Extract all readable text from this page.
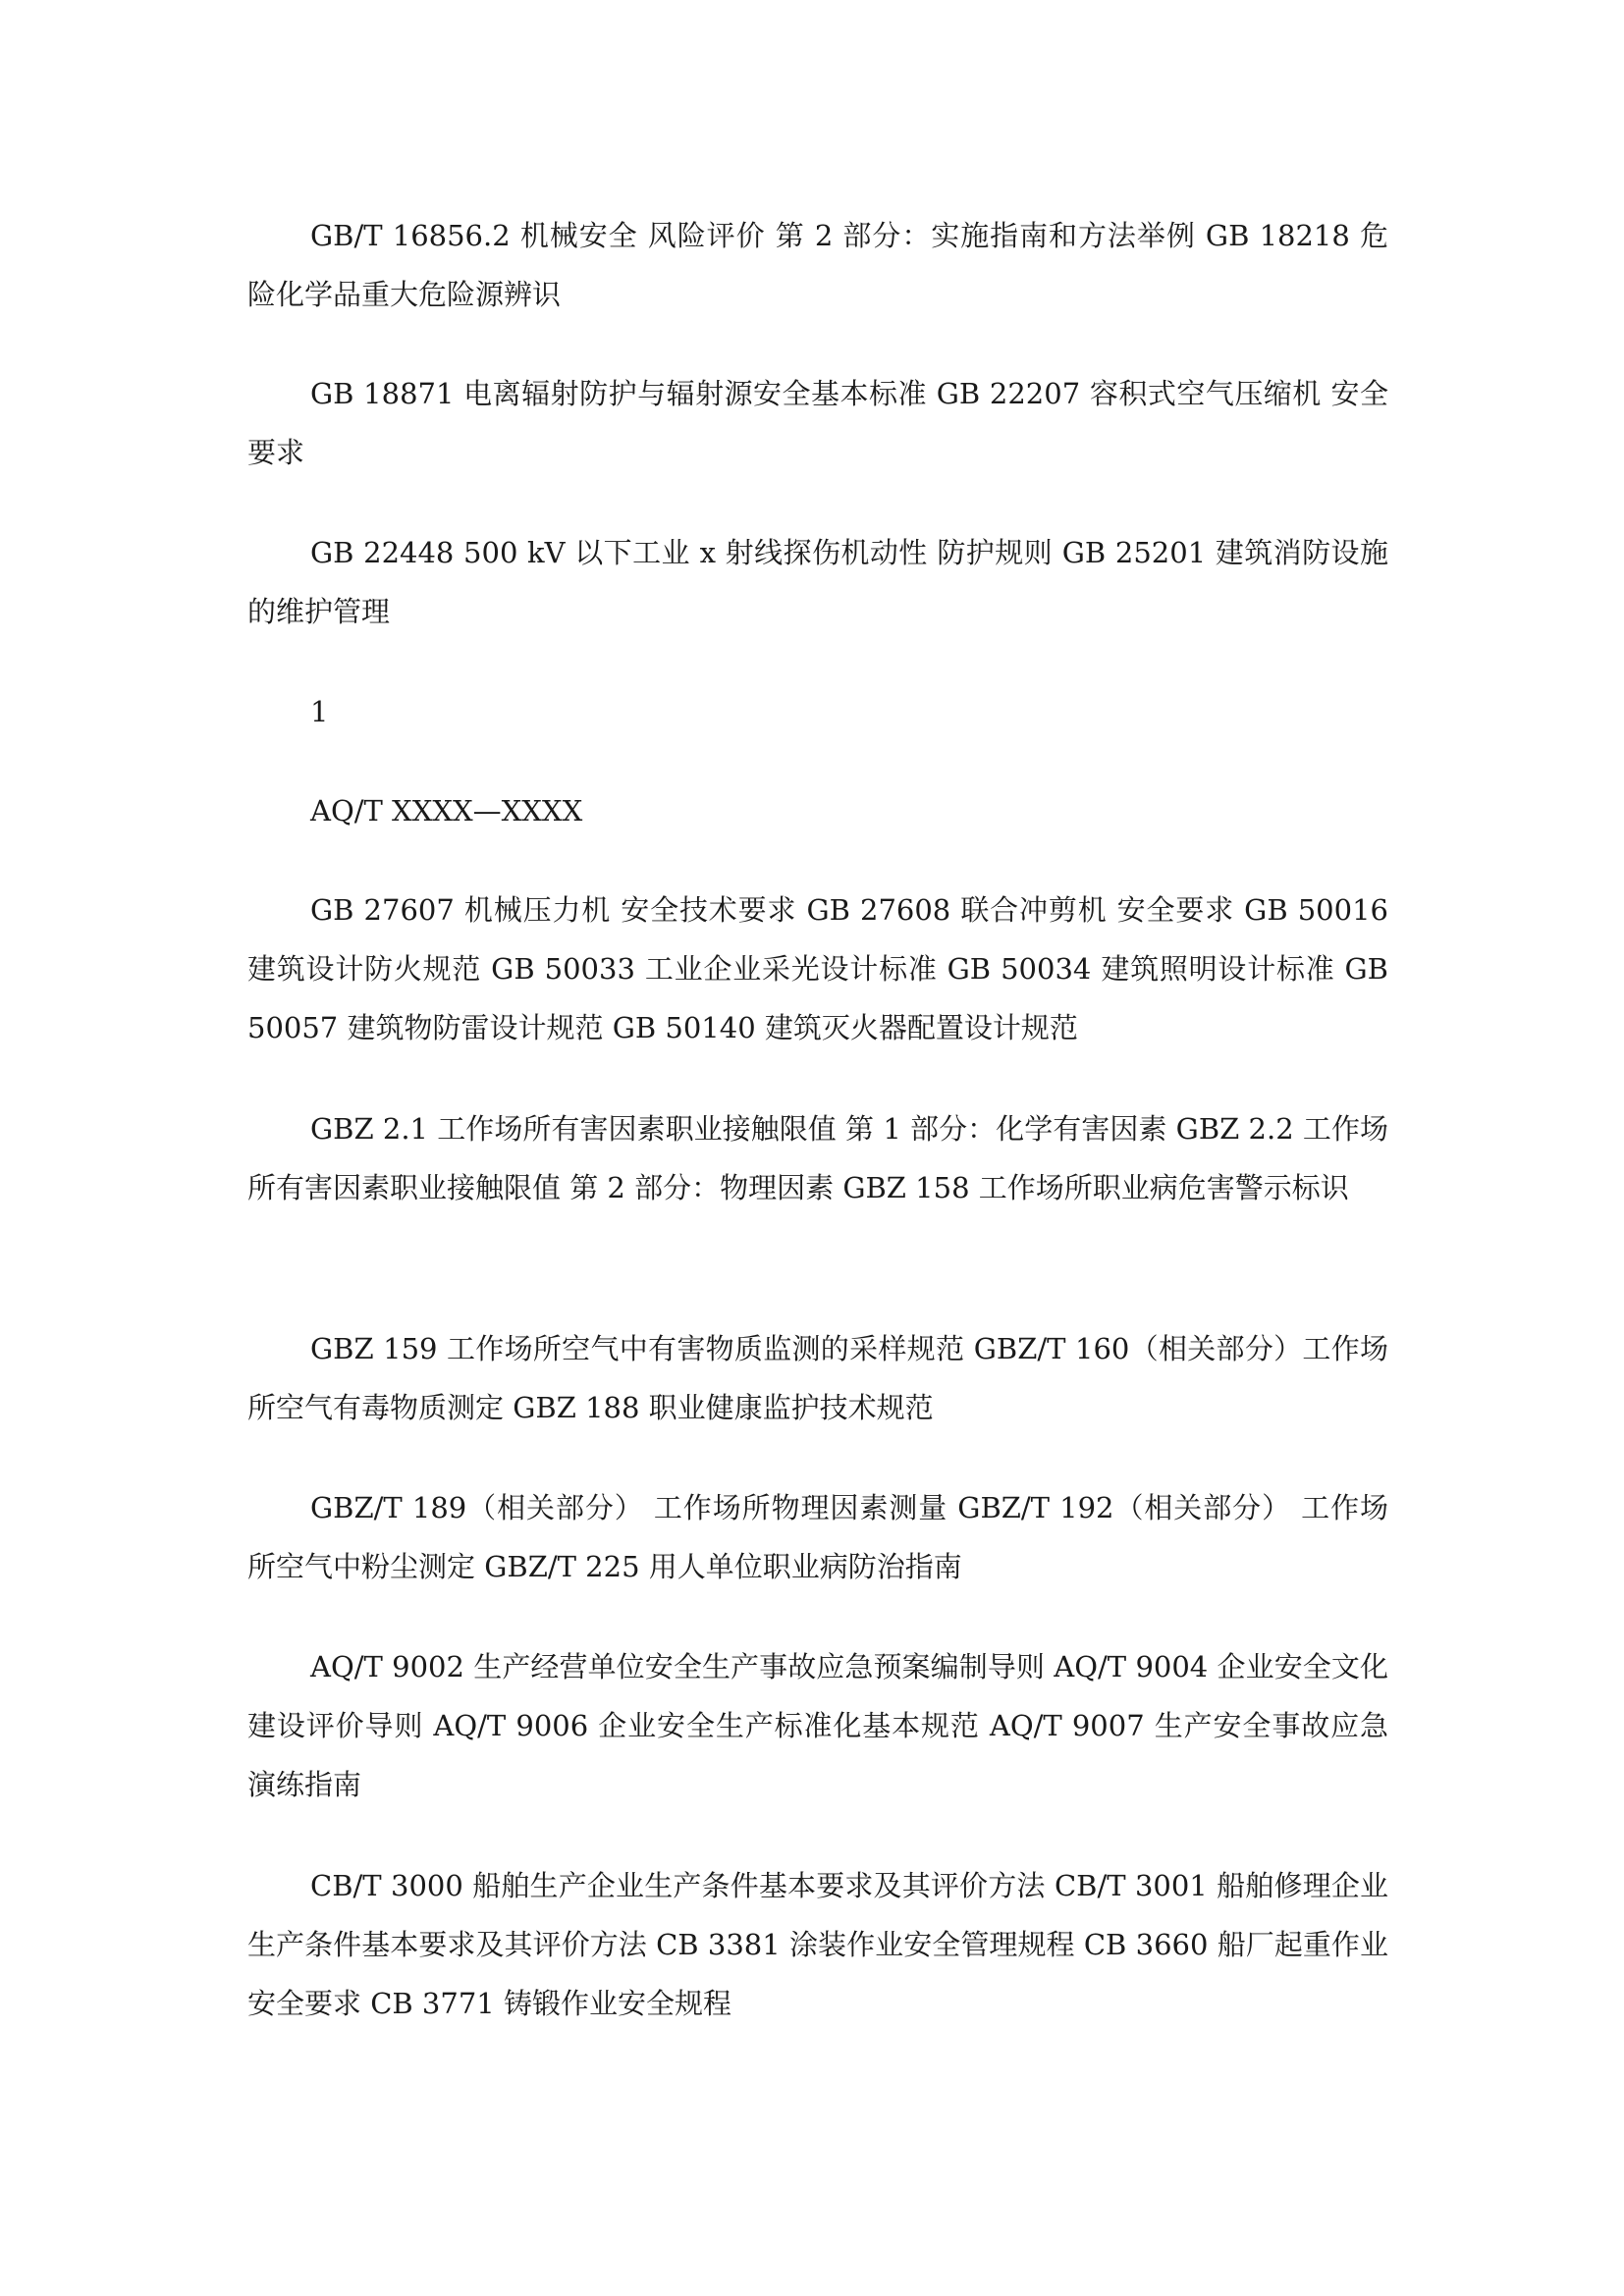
GB/T 16856.2 机械安全 风险评价 第 2 部分：实施指南和方法举例 GB 18218 危险化学品重大危险源辨识

GB 18871 电离辐射防护与辐射源安全基本标准 GB 22207 容积式空气压缩机 安全要求

GB 22448 500 kV 以下工业 x 射线探伤机动性 防护规则 GB 25201 建筑消防设施的维护管理

1

AQ/T XXXX—XXXX

GB 27607 机械压力机 安全技术要求 GB 27608 联合冲剪机 安全要求 GB 50016 建筑设计防火规范 GB 50033 工业企业采光设计标准 GB 50034 建筑照明设计标准 GB 50057 建筑物防雷设计规范 GB 50140 建筑灭火器配置设计规范

GBZ 2.1 工作场所有害因素职业接触限值 第 1 部分：化学有害因素 GBZ 2.2 工作场所有害因素职业接触限值 第 2 部分：物理因素 GBZ 158 工作场所职业病危害警示标识

GBZ 159 工作场所空气中有害物质监测的采样规范 GBZ/T 160（相关部分）工作场所空气有毒物质测定 GBZ 188 职业健康监护技术规范

GBZ/T 189（相关部分） 工作场所物理因素测量 GBZ/T 192（相关部分） 工作场所空气中粉尘测定 GBZ/T 225 用人单位职业病防治指南

AQ/T 9002 生产经营单位安全生产事故应急预案编制导则 AQ/T 9004 企业安全文化建设评价导则 AQ/T 9006 企业安全生产标准化基本规范 AQ/T 9007 生产安全事故应急演练指南

CB/T 3000 船舶生产企业生产条件基本要求及其评价方法 CB/T 3001 船舶修理企业生产条件基本要求及其评价方法 CB 3381 涂装作业安全管理规程 CB 3660 船厂起重作业安全要求 CB 3771 铸锻作业安全规程
